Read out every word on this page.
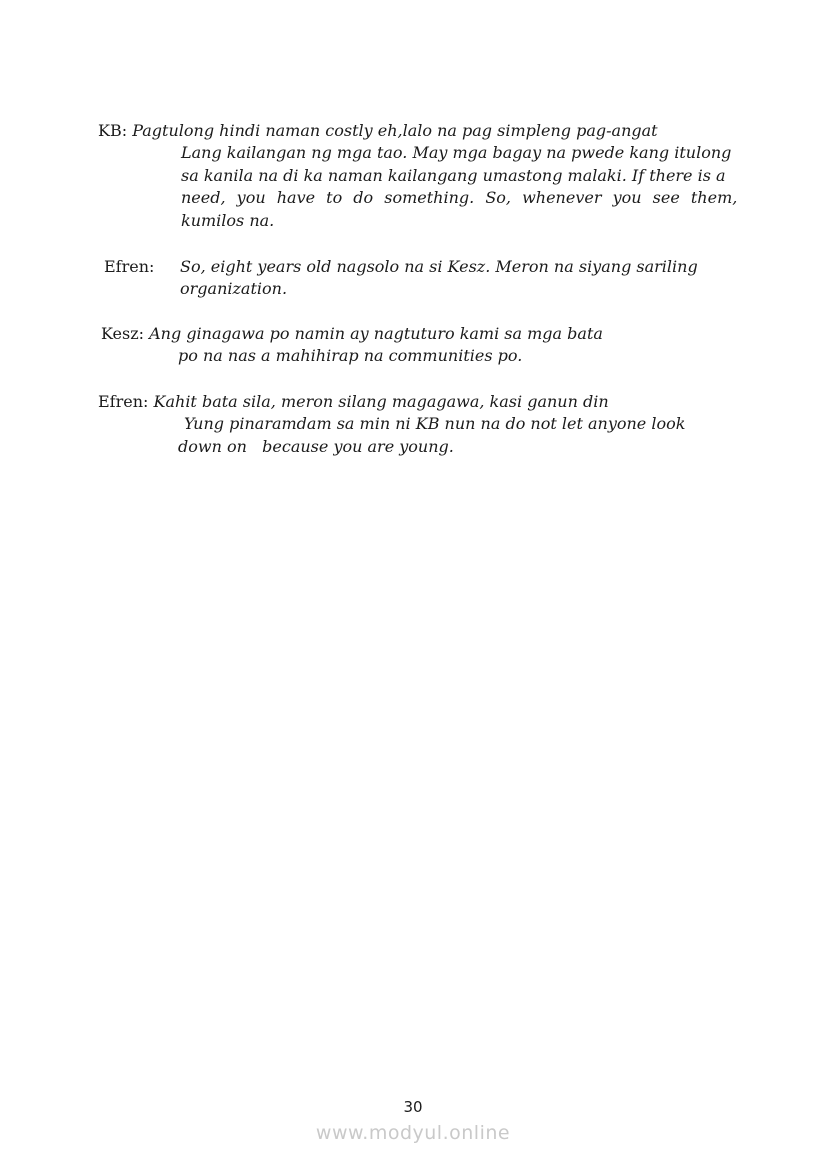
KB: Pagtulong hindi naman costly eh,lalo na pag simpleng pag-angat
Lang kailangan ng mga tao. May mga bagay na pwede kang itulong
sa kanila na di ka naman kailangang umastong malaki. If there is a
need, you have to do something. So, whenever you see them,
kumilos na.
Efren: So, eight years old nagsolo na si Kesz. Meron na siyang sariling
organization.
Kesz: Ang ginagawa po namin ay nagtuturo kami sa mga bata
po na nas a mahihirap na communities po.
Efren: Kahit bata sila, meron silang magagawa, kasi ganun din
Yung pinaramdam sa min ni KB nun na do not let anyone look
down on   because you are young.
30
www.modyul.online
